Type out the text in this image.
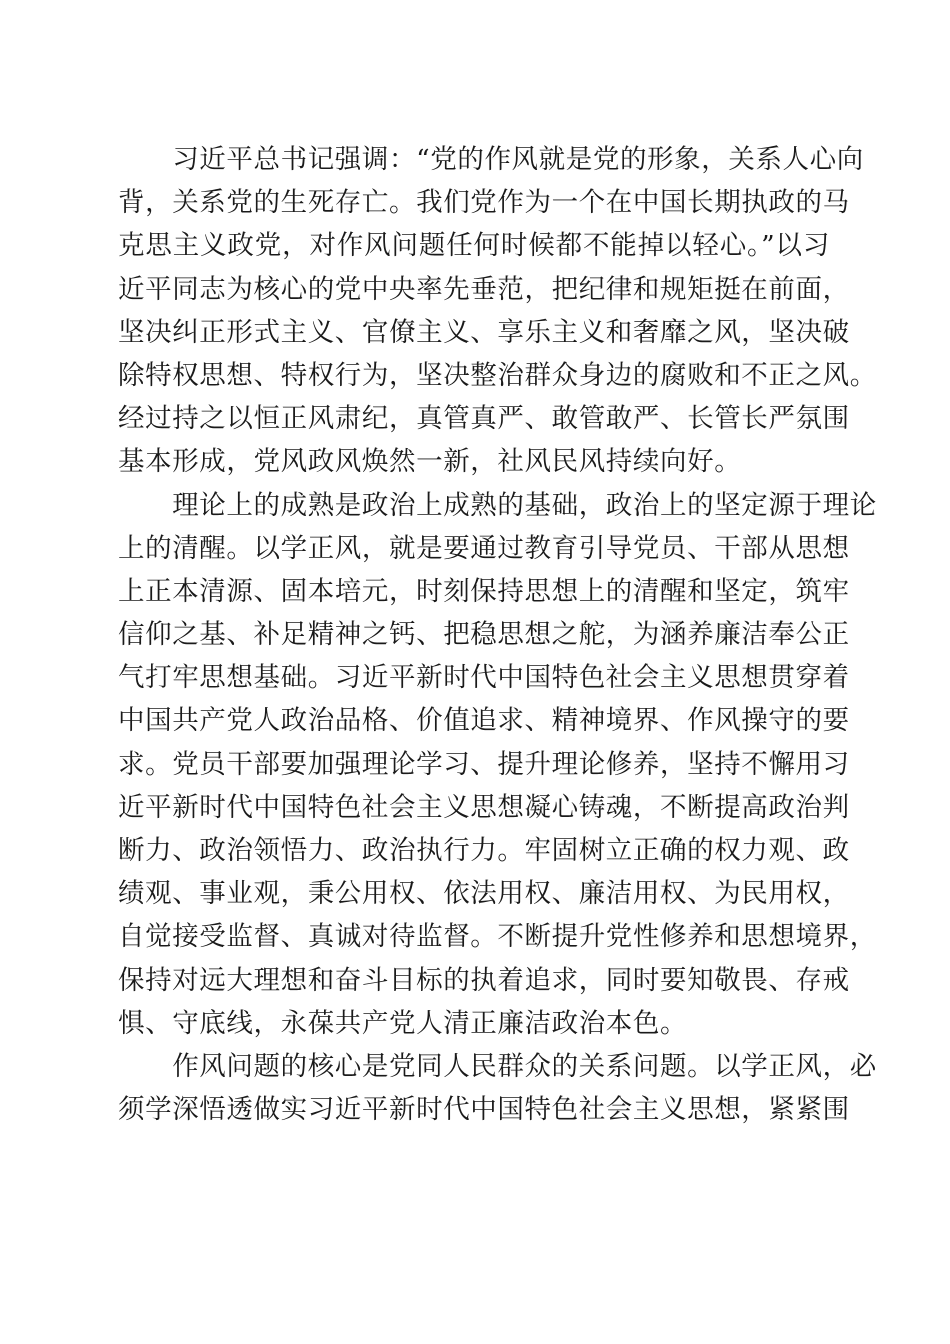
　　习近平总书记强调：“党的作风就是党的形象，关系人心向
背，关系党的生死存亡。我们党作为一个在中国长期执政的马
克思主义政党，对作风问题任何时候都不能掉以轻心。”以习
近平同志为核心的党中央率先垂范，把纪律和规矩挺在前面，
坚决纠正形式主义、官僚主义、享乐主义和奢靡之风，坚决破
除特权思想、特权行为，坚决整治群众身边的腐败和不正之风。
经过持之以恒正风肃纪，真管真严、敢管敢严、长管长严氛围
基本形成，党风政风焕然一新，社风民风持续向好。
　　理论上的成熟是政治上成熟的基础，政治上的坚定源于理论
上的清醒。以学正风，就是要通过教育引导党员、干部从思想
上正本清源、固本培元，时刻保持思想上的清醒和坚定，筑牢
信仰之基、补足精神之钙、把稳思想之舵，为涵养廉洁奉公正
气打牢思想基础。习近平新时代中国特色社会主义思想贯穿着
中国共产党人政治品格、价值追求、精神境界、作风操守的要
求。党员干部要加强理论学习、提升理论修养，坚持不懈用习
近平新时代中国特色社会主义思想凝心铸魂，不断提高政治判
断力、政治领悟力、政治执行力。牢固树立正确的权力观、政
绩观、事业观，秉公用权、依法用权、廉洁用权、为民用权，
自觉接受监督、真诚对待监督。不断提升党性修养和思想境界，
保持对远大理想和奋斗目标的执着追求，同时要知敬畏、存戒
惧、守底线，永葆共产党人清正廉洁政治本色。
　　作风问题的核心是党同人民群众的关系问题。以学正风，必
须学深悟透做实习近平新时代中国特色社会主义思想，紧紧围
